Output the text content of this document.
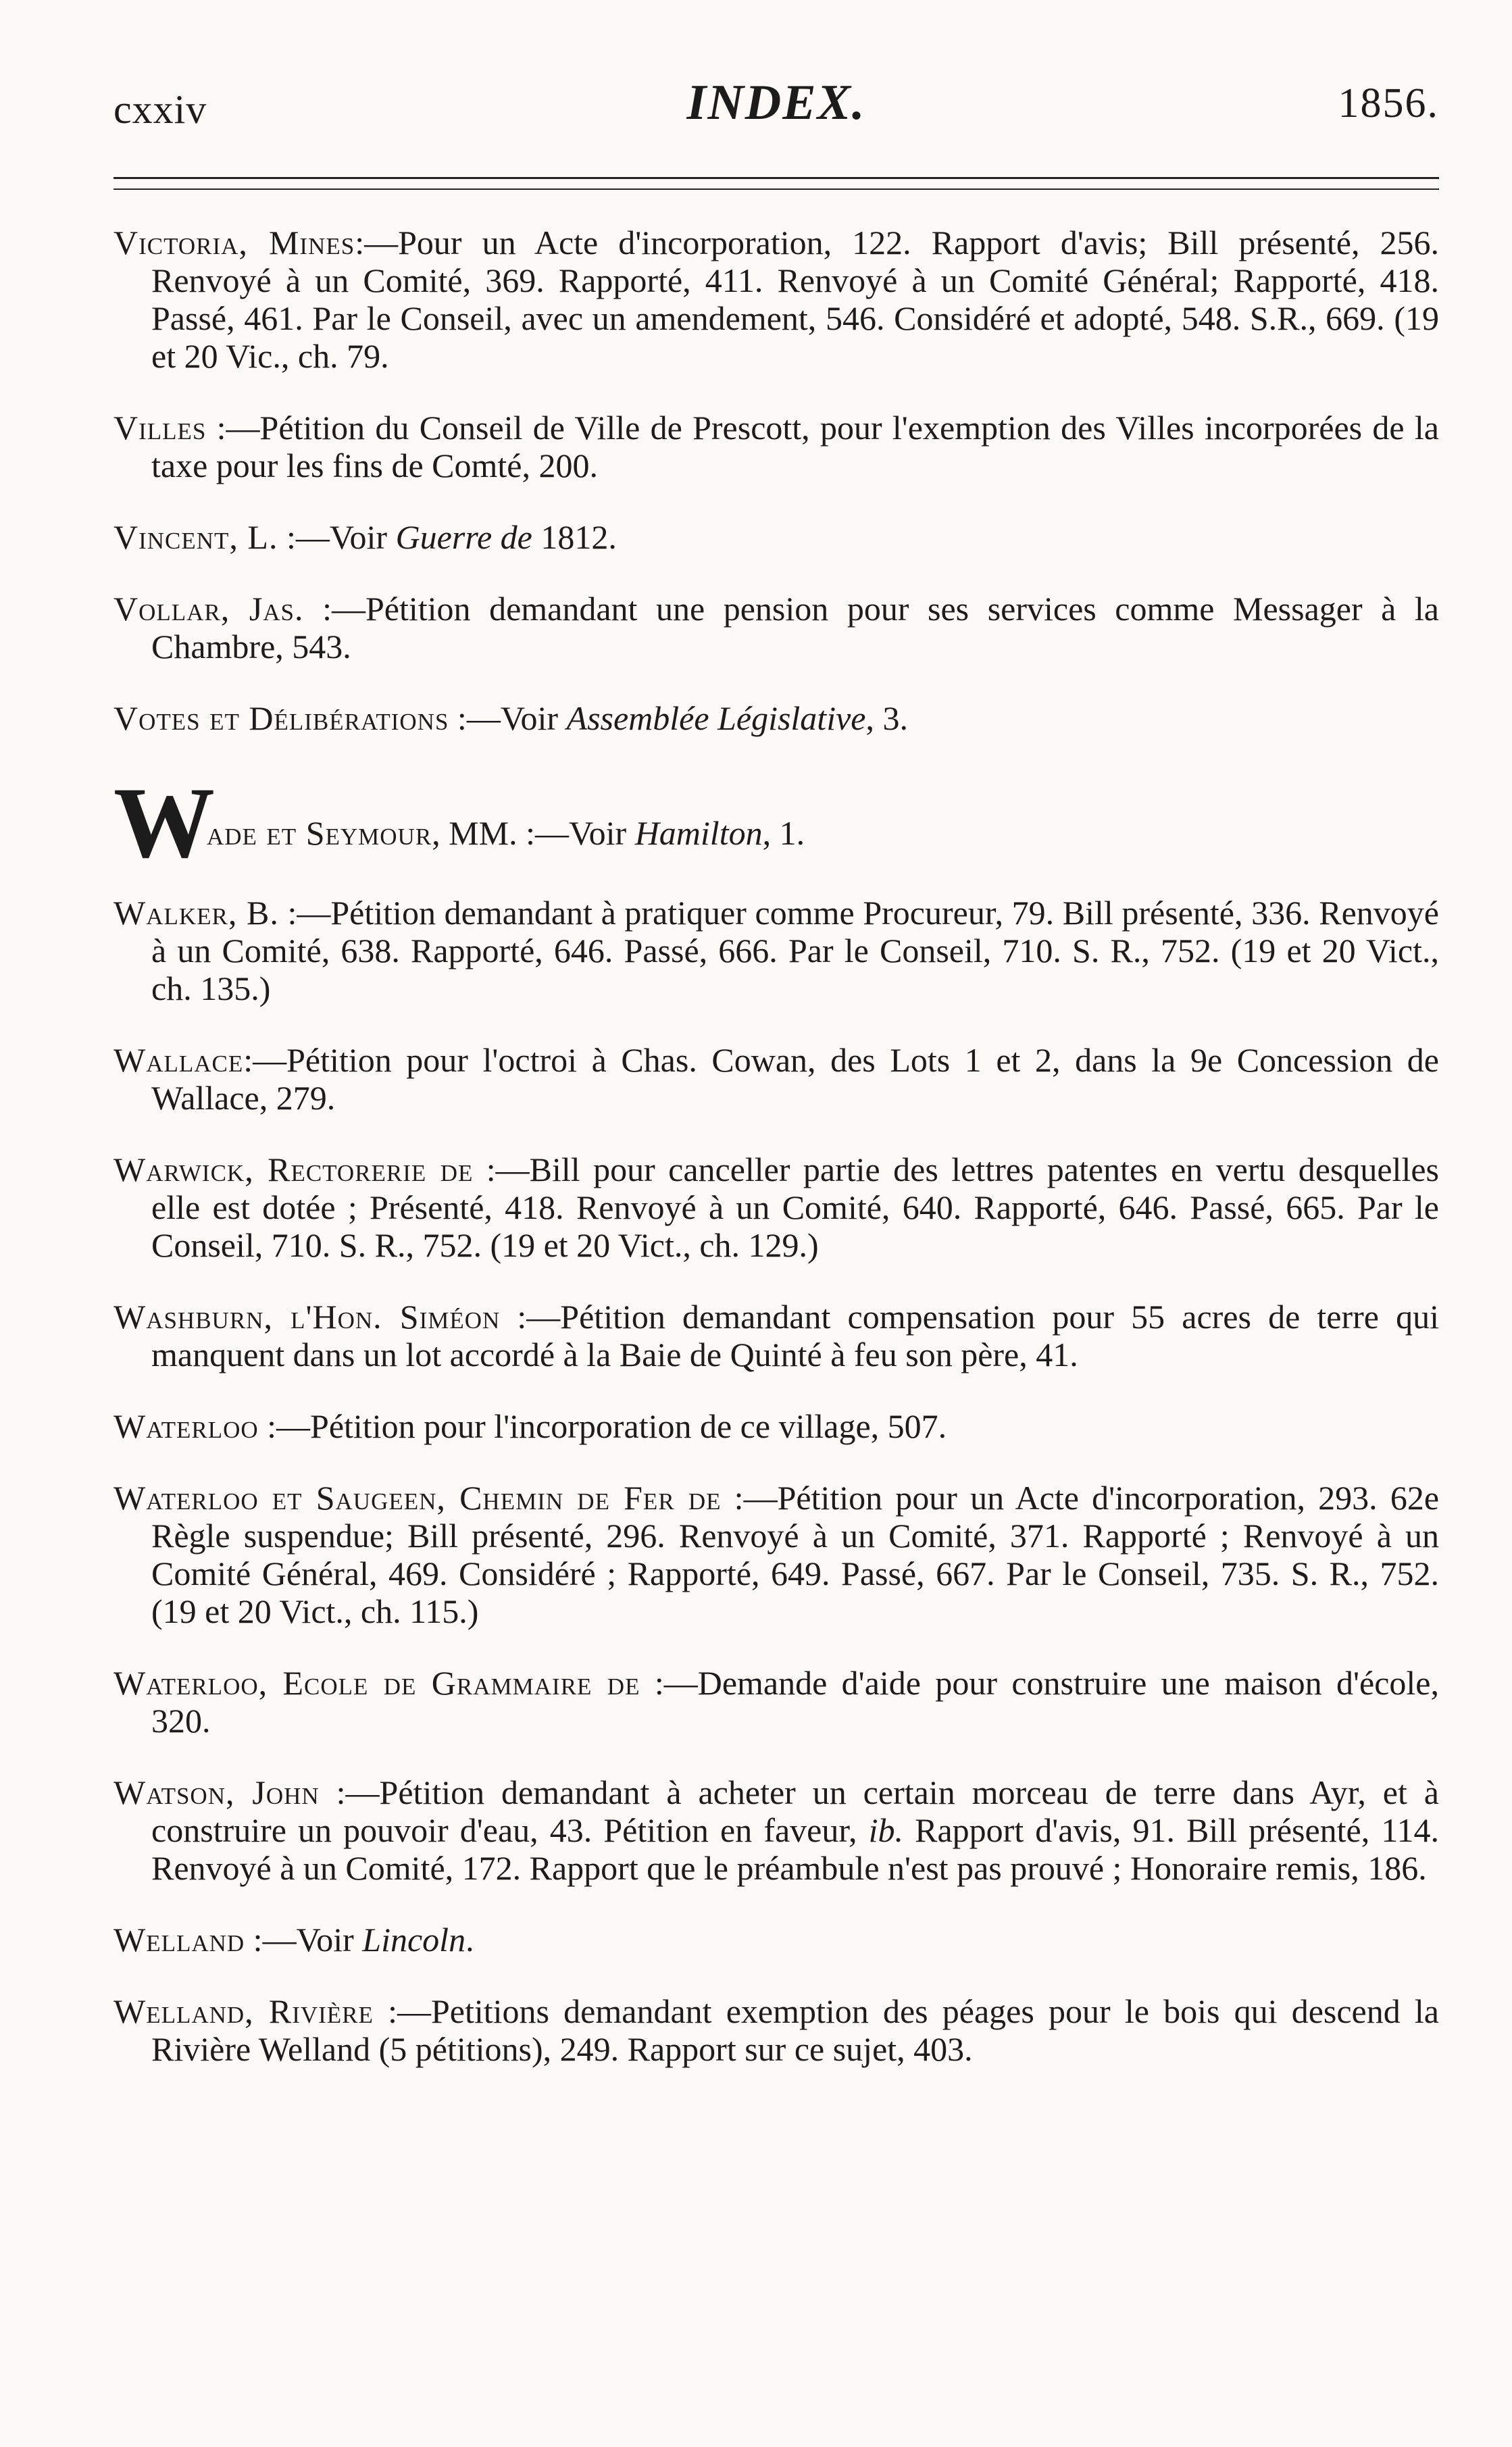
cxxiv	INDEX.	1856.

Victoria, Mines:—Pour un Acte d'incorporation, 122. Rapport d'avis; Bill présenté, 256. Renvoyé à un Comité, 369. Rapporté, 411. Renvoyé à un Comité Général; Rapporté, 418. Passé, 461. Par le Conseil, avec un amendement, 546. Considéré et adopté, 548. S.R., 669. (19 et 20 Vic., ch. 79.

Villes :—Pétition du Conseil de Ville de Prescott, pour l'exemption des Villes incorporées de la taxe pour les fins de Comté, 200.

Vincent, L. :—Voir Guerre de 1812.

Vollar, Jas. :—Pétition demandant une pension pour ses services comme Messager à la Chambre, 543.

Votes et Délibérations :—Voir Assemblée Législative, 3.

W
ade et Seymour, MM. :—Voir Hamilton, 1.

Walker, B. :—Pétition demandant à pratiquer comme Procureur, 79. Bill présenté, 336. Renvoyé à un Comité, 638. Rapporté, 646. Passé, 666. Par le Conseil, 710. S. R., 752. (19 et 20 Vict., ch. 135.)

Wallace:—Pétition pour l'octroi à Chas. Cowan, des Lots 1 et 2, dans la 9e Concession de Wallace, 279.

Warwick, Rectorerie de :—Bill pour canceller partie des lettres patentes en vertu desquelles elle est dotée ; Présenté, 418. Renvoyé à un Comité, 640. Rapporté, 646. Passé, 665. Par le Conseil, 710. S. R., 752. (19 et 20 Vict., ch. 129.)

Washburn, l'Hon. Siméon :—Pétition demandant compensation pour 55 acres de terre qui manquent dans un lot accordé à la Baie de Quinté à feu son père, 41.

Waterloo :—Pétition pour l'incorporation de ce village, 507.

Waterloo et Saugeen, Chemin de Fer de :—Pétition pour un Acte d'incorporation, 293. 62e Règle suspendue; Bill présenté, 296. Renvoyé à un Comité, 371. Rapporté ; Renvoyé à un Comité Général, 469. Considéré ; Rapporté, 649. Passé, 667. Par le Conseil, 735. S. R., 752. (19 et 20 Vict., ch. 115.)

Waterloo, Ecole de Grammaire de :—Demande d'aide pour construire une maison d'école, 320.

Watson, John :—Pétition demandant à acheter un certain morceau de terre dans Ayr, et à construire un pouvoir d'eau, 43. Pétition en faveur, ib. Rapport d'avis, 91. Bill présenté, 114. Renvoyé à un Comité, 172. Rapport que le préambule n'est pas prouvé ; Honoraire remis, 186.

Welland :—Voir Lincoln.

Welland, Rivière :—Petitions demandant exemption des péages pour le bois qui descend la Rivière Welland (5 pétitions), 249. Rapport sur ce sujet, 403.
